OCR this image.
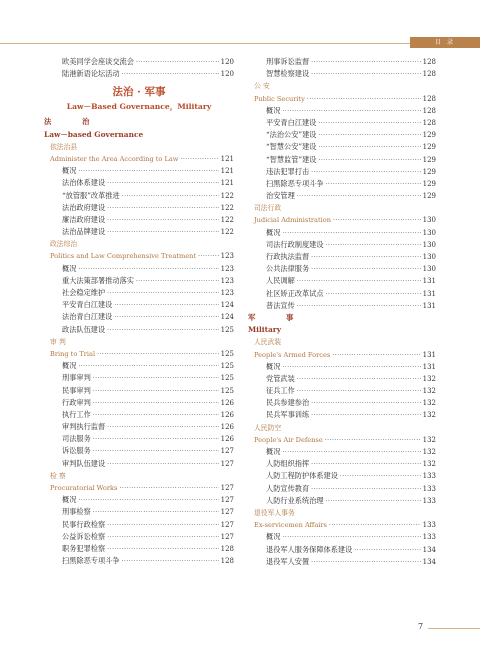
目 录
欧美同学会座谈交流会 ·····	120
陆港新语论坛活动 ·····	120
法治 · 军事
Law－Based Governance，Military
法 治
Law－based Governance
依法治县
Administer the Area According to Law ·····	121
概况 ·····	121
法治体系建设 ·····	121
“放管服”改革推进 ·····	122
法治政府建设 ·····	122
廉洁政府建设 ·····	122
法治品牌建设 ·····	122
政法综治
Politics and Law Comprehensive Treatment ·····	123
概况 ·····	123
重大法策部署推动落实 ·····	123
社会稳定维护 ·····	123
平安青白江建设 ·····	124
法治青白江建设 ·····	124
政法队伍建设 ·····	125
审 判
Bring to Trial ·····	125
概况 ·····	125
刑事审判 ·····	125
民事审判 ·····	125
行政审判 ·····	126
执行工作 ·····	126
审判执行监督 ·····	126
司法服务 ·····	126
诉讼服务 ·····	127
审判队伍建设 ·····	127
检 察
Procuratorial Works ·····	127
概况 ·····	127
刑事检察 ·····	127
民事行政检察 ·····	127
公益诉讼检察 ·····	127
职务犯罪检察 ·····	128
扫黑除恶专项斗争 ·····	128
刑事诉讼监督 ·····	128
智慧检察建设 ·····	128
公 安
Public Security ·····	128
概况 ·····	128
平安青白江建设 ·····	128
“法治公安”建设 ·····	129
“智慧公安”建设 ·····	129
“智慧监管”建设 ·····	129
违法犯罪打击 ·····	129
扫黑除恶专项斗争 ·····	129
治安管理 ·····	129
司法行政
Judicial Administration ·····	130
概况 ·····	130
司法行政制度建设 ·····	130
行政执法监督 ·····	130
公共法律服务 ·····	130
人民调解 ·····	131
社区矫正改革试点 ·····	131
普法宣传 ·····	131
军 事
Military
人民武装
People's Armed Forces ·····	131
概况 ·····	131
党管武装 ·····	132
征兵工作 ·····	132
民兵参建参治 ·····	132
民兵军事训练 ·····	132
人民防空
People's Air Defense ·····	132
概况 ·····	132
人防组织指挥 ·····	132
人防工程防护体系建设 ·····	133
人防宣传教育 ·····	133
人防行业系统治理 ·····	133
退役军人事务
Ex-servicemen Affairs ·····	133
概况 ·····	133
退役军人服务保障体系建设 ·····	134
退役军人安置 ·····	134
7
